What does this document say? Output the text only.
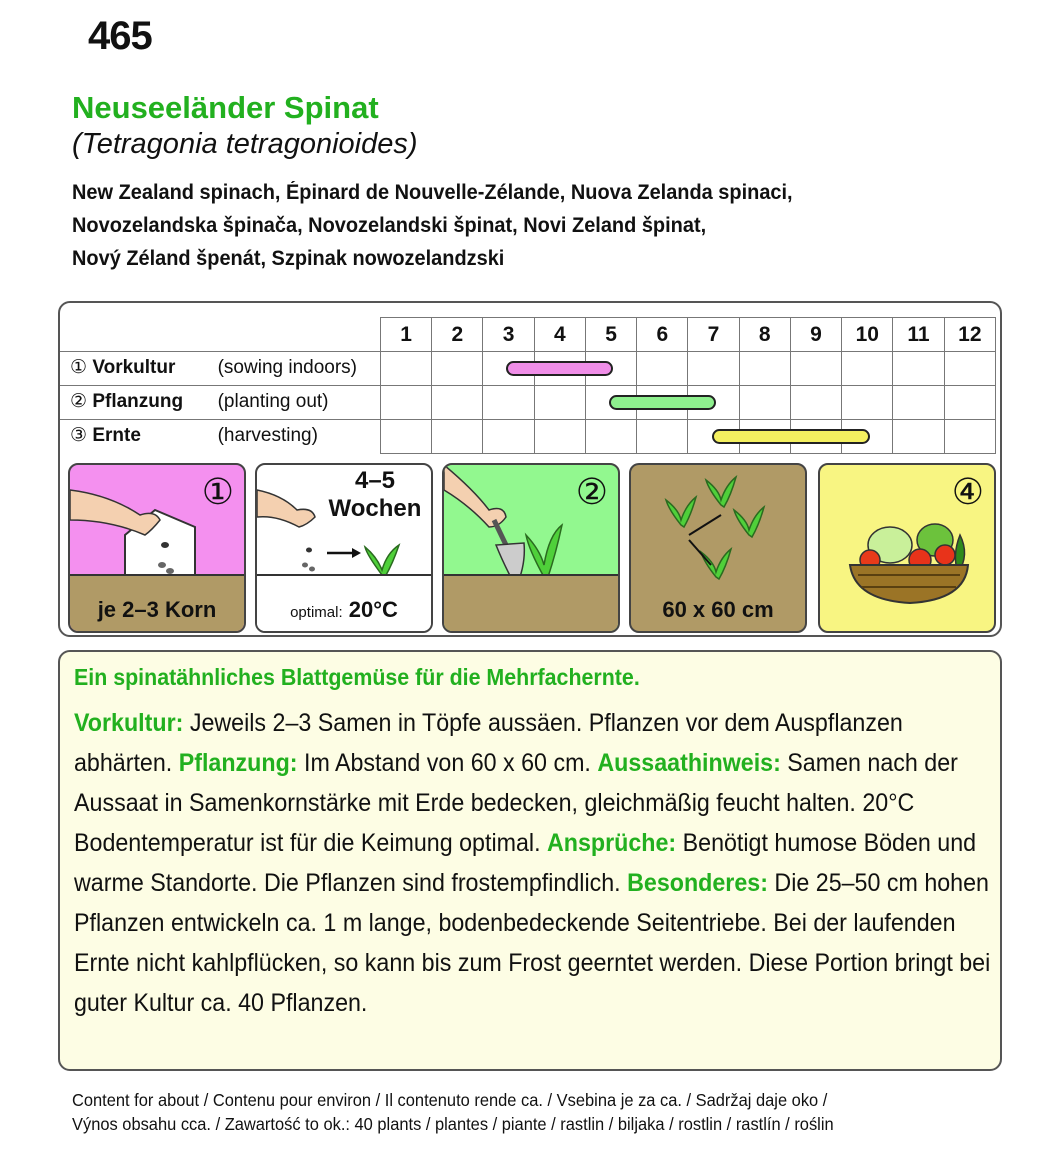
465
Neuseeländer Spinat
(Tetragonia tetragonioides)
New Zealand spinach, Épinard de Nouvelle-Zélande, Nuova Zelanda spinaci,
Novozelandska špinača, Novozelandski špinat, Novi Zeland špinat,
Nový Zéland špenát, Szpinak nowozelandzski
1	2	3	4	5	6	7	8	9	10	11	12

① Vorkultur (sowing indoors)
② Pflanzung (planting out)
③ Ernte	(harvesting)
①
je 2–3 Korn
4–5
Wochen
optimal: 20°C
②
60 x 60 cm
④
Ein spinatähnliches Blattgemüse für die Mehrfachernte.
Vorkultur: Jeweils 2–3 Samen in Töpfe aussäen. Pflanzen vor dem Auspflanzen abhärten. Pflanzung: Im Abstand von 60 x 60 cm. Aussaathinweis: Samen nach der Aussaat in Samenkornstärke mit Erde bedecken, gleichmäßig feucht halten. 20°C Bodentemperatur ist für die Keimung optimal. Ansprüche: Benötigt humose Böden und warme Standorte. Die Pflanzen sind frostempfindlich. Besonderes: Die 25–50 cm hohen Pflanzen entwickeln ca. 1 m lange, bodenbedeckende Seitentriebe. Bei der laufenden Ernte nicht kahlpflücken, so kann bis zum Frost geerntet werden. Diese Portion bringt bei guter Kultur ca. 40 Pflanzen.
Content for about / Contenu pour environ / Il contenuto rende ca. / Vsebina je za ca. / Sadržaj daje oko /
Výnos obsahu cca. / Zawartość to ok.: 40 plants / plantes / piante / rastlin / biljaka / rostlin / rastlín / roślin
